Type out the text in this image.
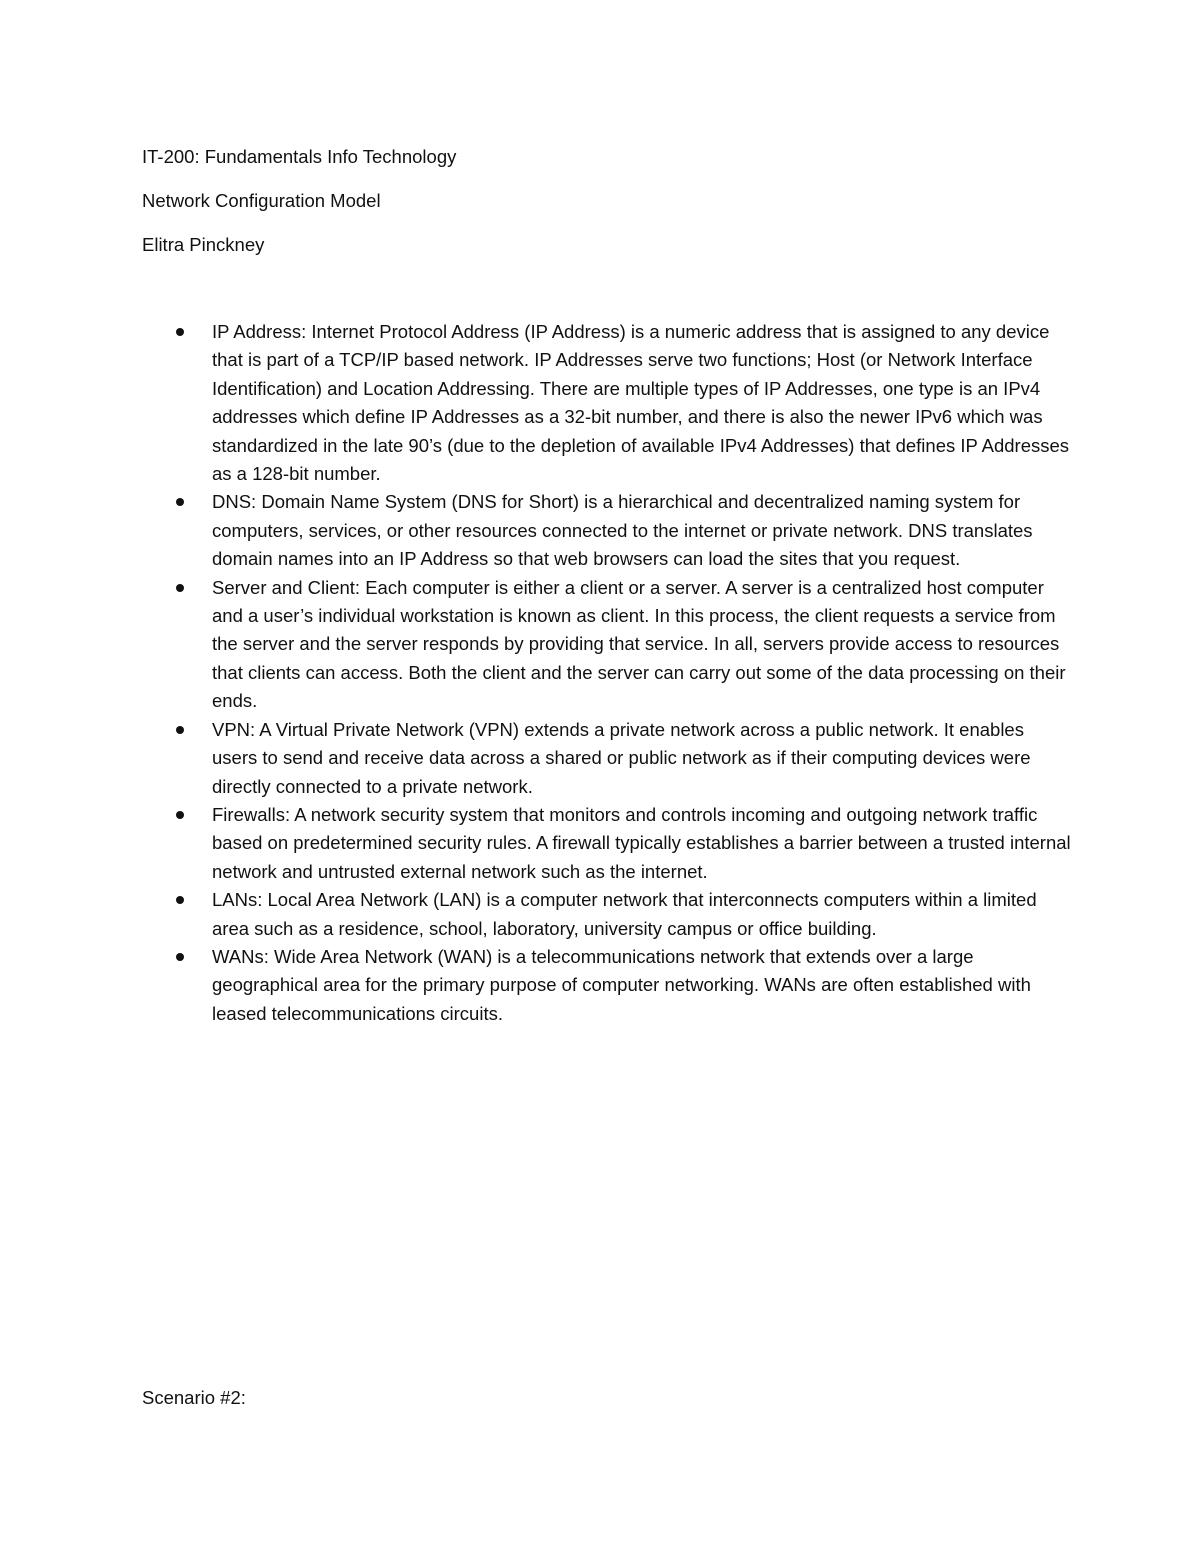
IT-200: Fundamentals Info Technology

Network Configuration Model

Elitra Pinckney

IP Address: Internet Protocol Address (IP Address) is a numeric address that is assigned to any device that is part of a TCP/IP based network. IP Addresses serve two functions; Host (or Network Interface Identification) and Location Addressing. There are multiple types of IP Addresses, one type is an IPv4 addresses which define IP Addresses as a 32-bit number, and there is also the newer IPv6 which was standardized in the late 90’s (due to the depletion of available IPv4 Addresses) that defines IP Addresses as a 128-bit number.
DNS: Domain Name System (DNS for Short) is a hierarchical and decentralized naming system for computers, services, or other resources connected to the internet or private network. DNS translates domain names into an IP Address so that web browsers can load the sites that you request.
Server and Client: Each computer is either a client or a server. A server is a centralized host computer and a user’s individual workstation is known as client. In this process, the client requests a service from the server and the server responds by providing that service. In all, servers provide access to resources that clients can access. Both the client and the server can carry out some of the data processing on their ends.
VPN: A Virtual Private Network (VPN) extends a private network across a public network. It enables users to send and receive data across a shared or public network as if their computing devices were directly connected to a private network.
Firewalls: A network security system that monitors and controls incoming and outgoing network traffic based on predetermined security rules. A firewall typically establishes a barrier between a trusted internal network and untrusted external network such as the internet.
LANs: Local Area Network (LAN) is a computer network that interconnects computers within a limited area such as a residence, school, laboratory, university campus or office building.
WANs: Wide Area Network (WAN) is a telecommunications network that extends over a large geographical area for the primary purpose of computer networking. WANs are often established with leased telecommunications circuits.

Scenario #2:
